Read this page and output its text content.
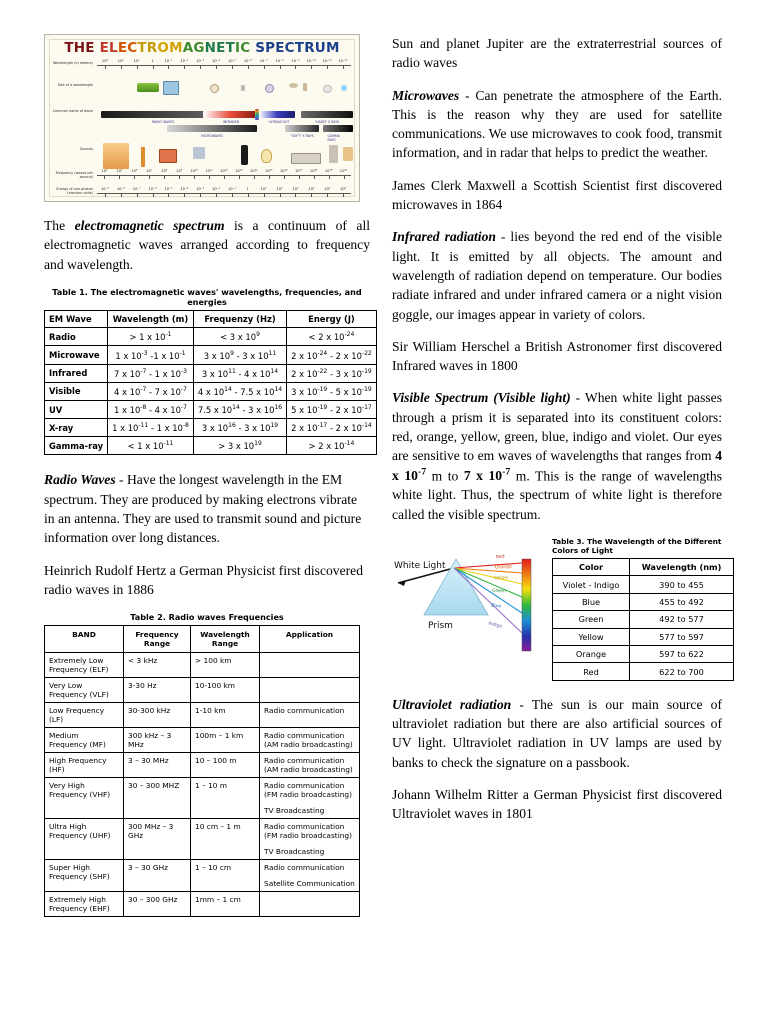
THE ELECTROMAGNETIC SPECTRUM
Wavelength (in meters)
Size of a wavelength
Common name of wave
Sources
Frequency (waves per second)
Energy of one photon (electron volts)
10³	10²	10¹	1	10⁻¹ 10⁻² 10⁻³ 10⁻⁴ 10⁻⁵ 10⁻⁶ 10⁻⁷ 10⁻⁸ 10⁻⁹ 10⁻¹⁰ 10⁻¹¹ 10⁻¹²
RADIO WAVES
MICROWAVES
INFRARED
VISIBLE
ULTRAVIOLET
"SOFT" X RAYS
"HARD" X RAYS
GAMMA RAYS
10⁴ 10⁵ 10⁶ 10⁷ 10⁸ 10⁹ 10¹⁰ 10¹¹ 10¹² 10¹³ 10¹⁴ 10¹⁵ 10¹⁶ 10¹⁷ 10¹⁸ 10¹⁹ 10²⁰
10⁻⁹ 10⁻⁸ 10⁻⁷ 10⁻⁶ 10⁻⁵ 10⁻⁴ 10⁻³ 10⁻² 10⁻¹	1	10¹	10²	10³	10⁴	10⁵	10⁶

The electromagnetic spectrum is a continuum of all electromagnetic waves arranged according to frequency and wavelength.

Table 1. The electromagnetic waves' wavelengths, frequencies, and energies
EM Wave	Wavelength (m)	Frequenzy (Hz)	Energy (J)
Radio	> 1 x $10^{-1}$	< 3 x $10^9$	< 2 x $10^{-24}$
Microwave	1 x $10^{-3}$ -1 x $10^{-1}$	3 x $10^9 - 3$ x $10^{11}$	2 x $10^{-24} - 2$ x $10^{-22}$
Infrared	7 x $10^{-7} - 1$ x $10^{-3}$	3 x $10^{11} - 4$ x $10^{14}$	2 x $10^{-22} - 3$ x $10^{-19}$
Visible	4 x $10^{-7} - 7$ x $10^{-7}$	4 x $10^{14} - 7.5$ x $10^{14}$	3 x $10^{-19} - 5$ x $10^{-19}$
UV	1 x $10^{-8} - 4$ x $10^{-7}$	7.5 x $10^{14} - 3$ x $10^{16}$	5 x $10^{-19} - 2$ x $10^{-17}$
X-ray	1 x $10^{-11} - 1$ x $10^{-8}$	3 x $10^{16} - 3$ x $10^{19}$	2 x $10^{-17} - 2$ x $10^{-14}$
Gamma-ray	< 1 x $10^{-11}$	> 3 x $10^{19}$	> 2 x $10^{-14}$

Radio Waves - Have the longest wavelength in the EM spectrum. They are produced by making electrons vibrate in an antenna. They are used to transmit sound and picture information over long distances.

Heinrich Rudolf Hertz a German Physicist first discovered radio waves in 1886

Table 2. Radio waves Frequencies
BAND	Frequency Range	Wavelength Range	Application
Extremely Low Frequency (ELF)	< 3 kHz	> 100 km	
Very Low Frequency (VLF)	3-30 Hz	10-100 km	
Low Frequency (LF)	30-300 kHz	1-10 km	Radio communication
Medium Frequency (MF)	300 kHz – 3 MHz	100m – 1 km	Radio communication (AM radio broadcasting)
High Frequency (HF)	3 – 30 MHz	10 – 100 m	Radio communication (AM radio broadcasting)
Very High Frequency (VHF)	30 – 300 MHZ	1 – 10 m	Radio communication (FM radio broadcasting)
TV Broadcasting
Ultra High Frequency (UHF)	300 MHz – 3 GHz	10 cm – 1 m	Radio communication (FM radio broadcasting)
TV Broadcasting
Super High Frequency (SHF)	3 – 30 GHz	1 – 10 cm	Radio communication
Satellite Communication
Extremely High Frequency (EHF)	30 – 300 GHz	1mm – 1 cm	

Sun and planet Jupiter are the extraterrestrial sources of radio waves

Microwaves - Can penetrate the atmosphere of the Earth. This is the reason why they are used for satellite communications. We use microwaves to cook food, transmit information, and in radar that helps to predict the weather.

James Clerk Maxwell a Scottish Scientist first discovered microwaves in 1864

Infrared radiation - lies beyond the red end of the visible light. It is emitted by all objects. The amount and wavelength of radiation depend on temperature. Our bodies radiate infrared and under infrared camera or a night vision goggle, our images appear in variety of colors.

Sir William Herschel a British Astronomer first discovered Infrared waves in 1800

Visible Spectrum (Visible light) - When white light passes through a prism it is separated into its constituent colors: red, orange, yellow, green, blue, indigo and violet. Our eyes are sensitive to em waves of wavelengths that ranges from 4 x $10^{-7}$ m to 7 x $10^{-7}$ m. This is the range of wavelengths white light. Thus, the spectrum of white light is therefore called the visible spectrum.

White Light
Prism
Red
Orange
Yellow
Green
Blue
Indigo
Table 3. The Wavelength of the Different Colors of Light
Color	Wavelength (nm)
Violet - Indigo	390 to 455
Blue	455 to 492
Green	492 to 577
Yellow	577 to 597
Orange	597 to 622
Red	622 to 700

Ultraviolet radiation - The sun is our main source of ultraviolet radiation but there are also artificial sources of UV light. Ultraviolet radiation in UV lamps are used by banks to check the signature on a passbook.

Johann Wilhelm Ritter a German Physicist first discovered Ultraviolet waves in 1801
